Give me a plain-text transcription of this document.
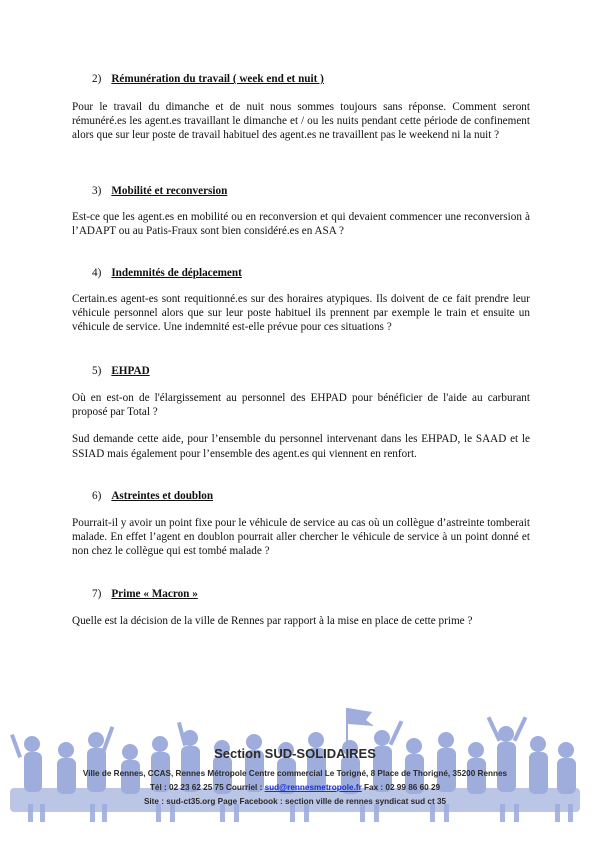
2) Rémunération du travail ( week end et nuit )

Pour le travail du dimanche et de nuit nous sommes toujours sans réponse. Comment seront rémunéré.es les agent.es travaillant le dimanche et / ou les nuits pendant cette période de confinement alors que sur leur poste de travail habituel des agent.es ne travaillent pas le weekend ni la nuit ?

3) Mobilité et reconversion

Est-ce que les agent.es en mobilité ou en reconversion et qui devaient commencer une reconversion à l’ADAPT ou au Patis-Fraux sont bien considéré.es en ASA ?

4) Indemnités de déplacement

Certain.es agent-es sont requitionné.es sur des horaires atypiques. Ils doivent de ce fait prendre leur véhicule personnel alors que sur leur poste habituel ils prennent par exemple le train et ensuite un véhicule de service. Une indemnité est-elle prévue pour ces situations ?

5) EHPAD

Où en est-on de l'élargissement au personnel des EHPAD pour bénéficier de l'aide au carburant proposé par Total ?

Sud demande cette aide, pour l’ensemble du personnel intervenant dans les EHPAD, le SAAD et le SSIAD mais également pour l’ensemble des agent.es qui viennent en renfort.

6) Astreintes et doublon

Pourrait-il y avoir un point fixe pour le véhicule de service au cas où un collègue d’astreinte tomberait malade. En effet l’agent en doublon pourrait aller chercher le véhicule de service à un point donné et non chez le collègue qui est tombé malade ?

7) Prime « Macron »

Quelle est la décision de la ville de Rennes par rapport à la mise en place de cette prime ?

Section SUD-SOLIDAIRES
Ville de Rennes, CCAS, Rennes Métropole Centre commercial Le Torigné, 8 Place de Thorigné, 35200 Rennes
Tél : 02 23 62 25 75 Courriel : sud@rennesmetropole.fr Fax : 02 99 86 60 29
Site : sud-ct35.org Page Facebook : section ville de rennes syndicat sud ct 35
